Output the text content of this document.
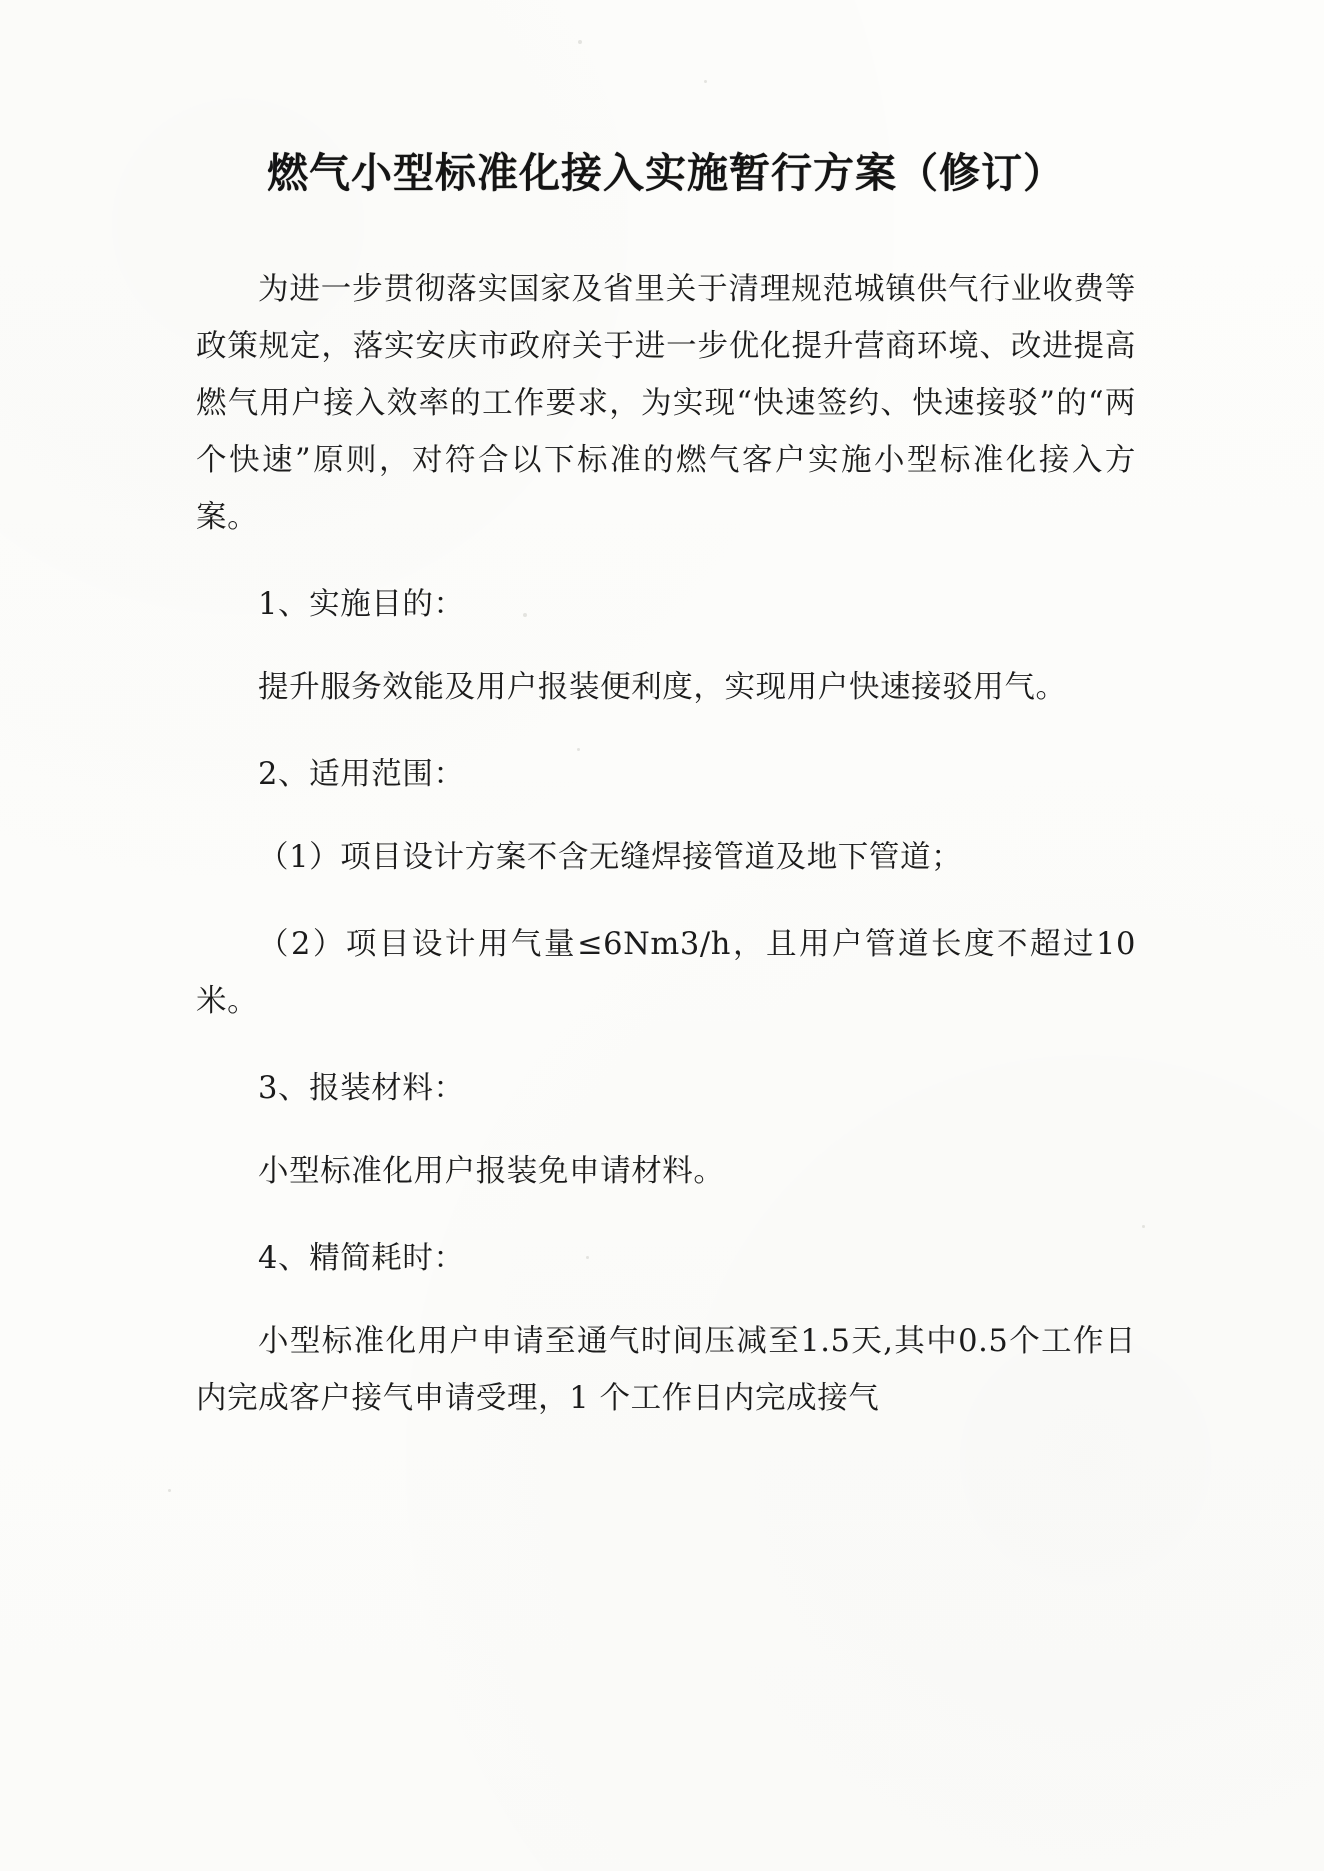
燃气小型标准化接入实施暂行方案（修订）

为进一步贯彻落实国家及省里关于清理规范城镇供气行业收费等政策规定，落实安庆市政府关于进一步优化提升营商环境、改进提高燃气用户接入效率的工作要求，为实现“快速签约、快速接驳”的“两个快速”原则，对符合以下标准的燃气客户实施小型标准化接入方案。

1、实施目的：

提升服务效能及用户报装便利度，实现用户快速接驳用气。

2、适用范围：

（1）项目设计方案不含无缝焊接管道及地下管道；

（2）项目设计用气量≤6Nm3/h，且用户管道长度不超过10 米。

3、报装材料：

小型标准化用户报装免申请材料。

4、精简耗时：

小型标准化用户申请至通气时间压减至1.5天,其中0.5个工作日内完成客户接气申请受理，1 个工作日内完成接气
